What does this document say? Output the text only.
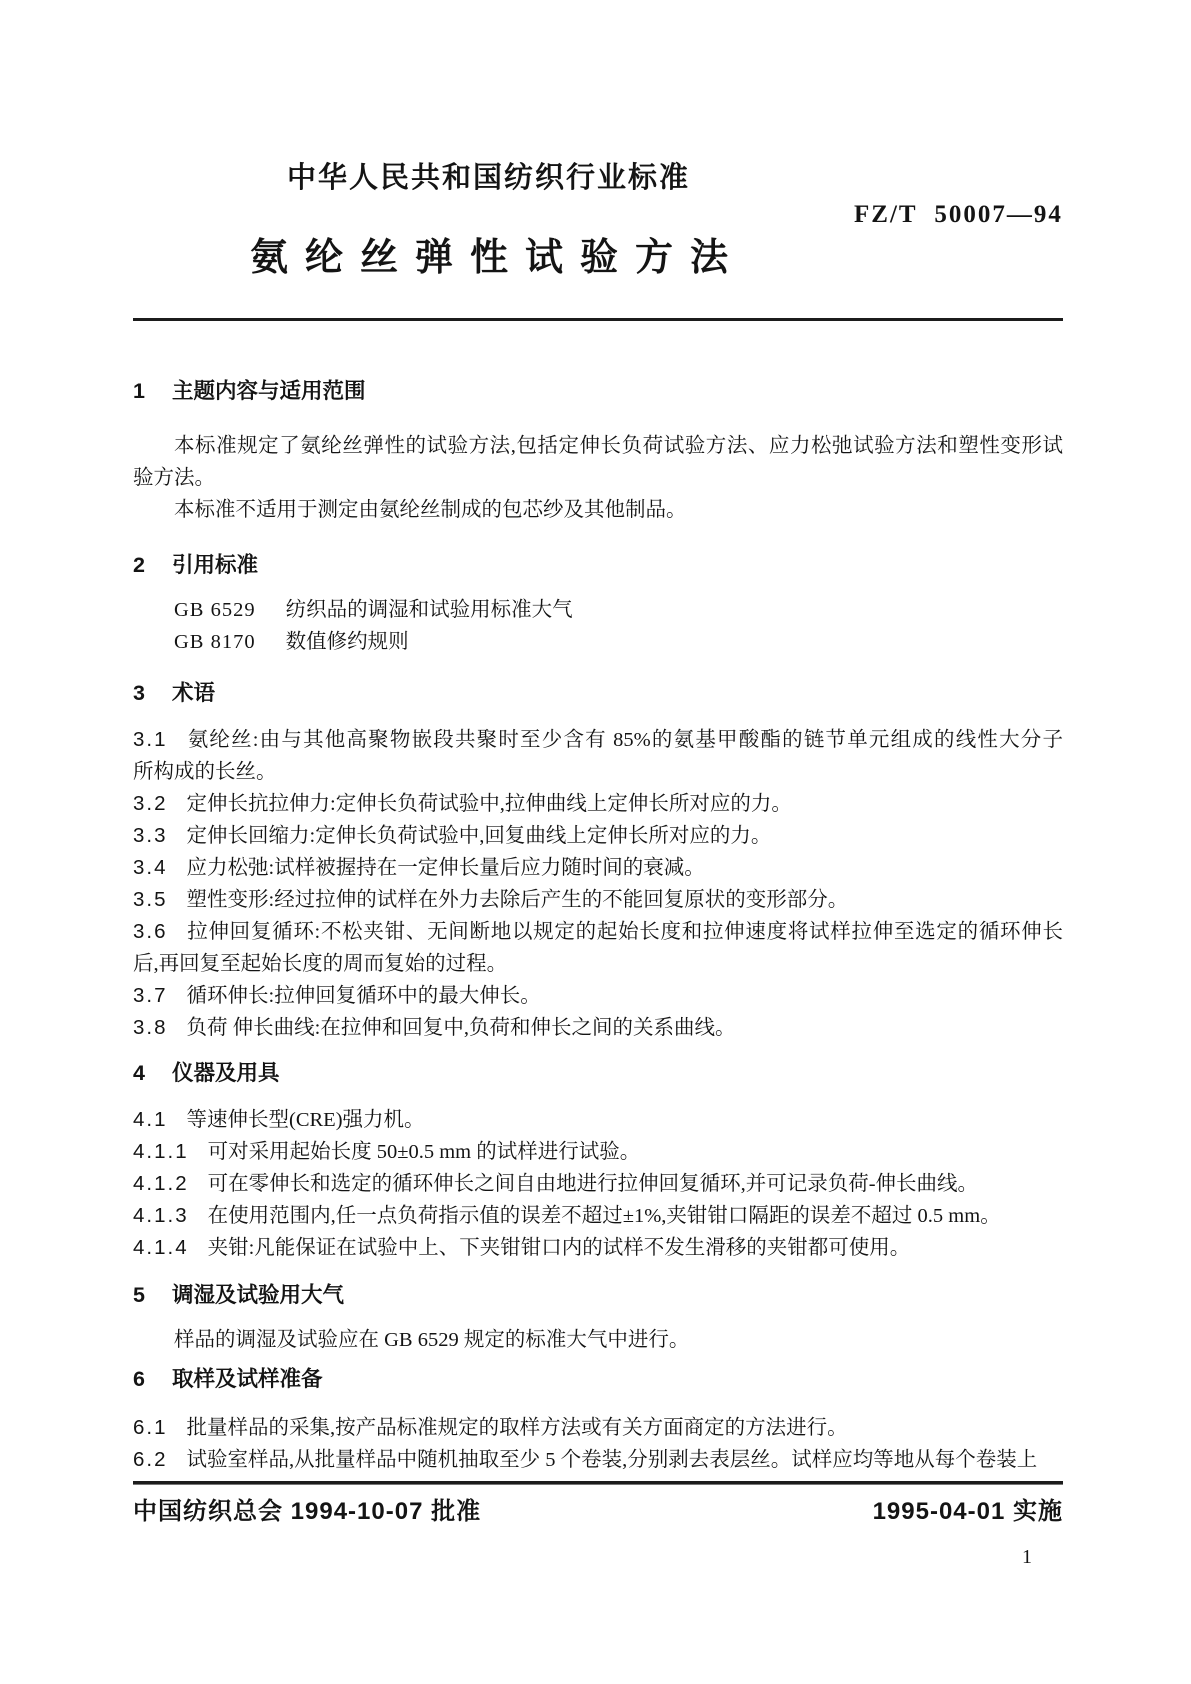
中华人民共和国纺织行业标准
FZ/T 50007—94
氨纶丝弹性试验方法
1 主题内容与适用范围
本标准规定了氨纶丝弹性的试验方法,包括定伸长负荷试验方法、应力松弛试验方法和塑性变形试
验方法。
本标准不适用于测定由氨纶丝制成的包芯纱及其他制品。
2 引用标准
GB 6529 纺织品的调湿和试验用标准大气
GB 8170 数值修约规则
3 术语
3.1 氨纶丝:由与其他高聚物嵌段共聚时至少含有 85%的氨基甲酸酯的链节单元组成的线性大分子
所构成的长丝。
3.2 定伸长抗拉伸力:定伸长负荷试验中,拉伸曲线上定伸长所对应的力。
3.3 定伸长回缩力:定伸长负荷试验中,回复曲线上定伸长所对应的力。
3.4 应力松弛:试样被握持在一定伸长量后应力随时间的衰减。
3.5 塑性变形:经过拉伸的试样在外力去除后产生的不能回复原状的变形部分。
3.6 拉伸回复循环:不松夹钳、无间断地以规定的起始长度和拉伸速度将试样拉伸至选定的循环伸长
后,再回复至起始长度的周而复始的过程。
3.7 循环伸长:拉伸回复循环中的最大伸长。
3.8 负荷 伸长曲线:在拉伸和回复中,负荷和伸长之间的关系曲线。
4 仪器及用具
4.1 等速伸长型(CRE)强力机。
4.1.1 可对采用起始长度 50±0.5 mm 的试样进行试验。
4.1.2 可在零伸长和选定的循环伸长之间自由地进行拉伸回复循环,并可记录负荷-伸长曲线。
4.1.3 在使用范围内,任一点负荷指示值的误差不超过±1%,夹钳钳口隔距的误差不超过 0.5 mm。
4.1.4 夹钳:凡能保证在试验中上、下夹钳钳口内的试样不发生滑移的夹钳都可使用。
5 调湿及试验用大气
样品的调湿及试验应在 GB 6529 规定的标准大气中进行。
6 取样及试样准备
6.1 批量样品的采集,按产品标准规定的取样方法或有关方面商定的方法进行。
6.2 试验室样品,从批量样品中随机抽取至少 5 个卷装,分别剥去表层丝。试样应均等地从每个卷装上
中国纺织总会 1994-10-07 批准	1995-04-01 实施
1
